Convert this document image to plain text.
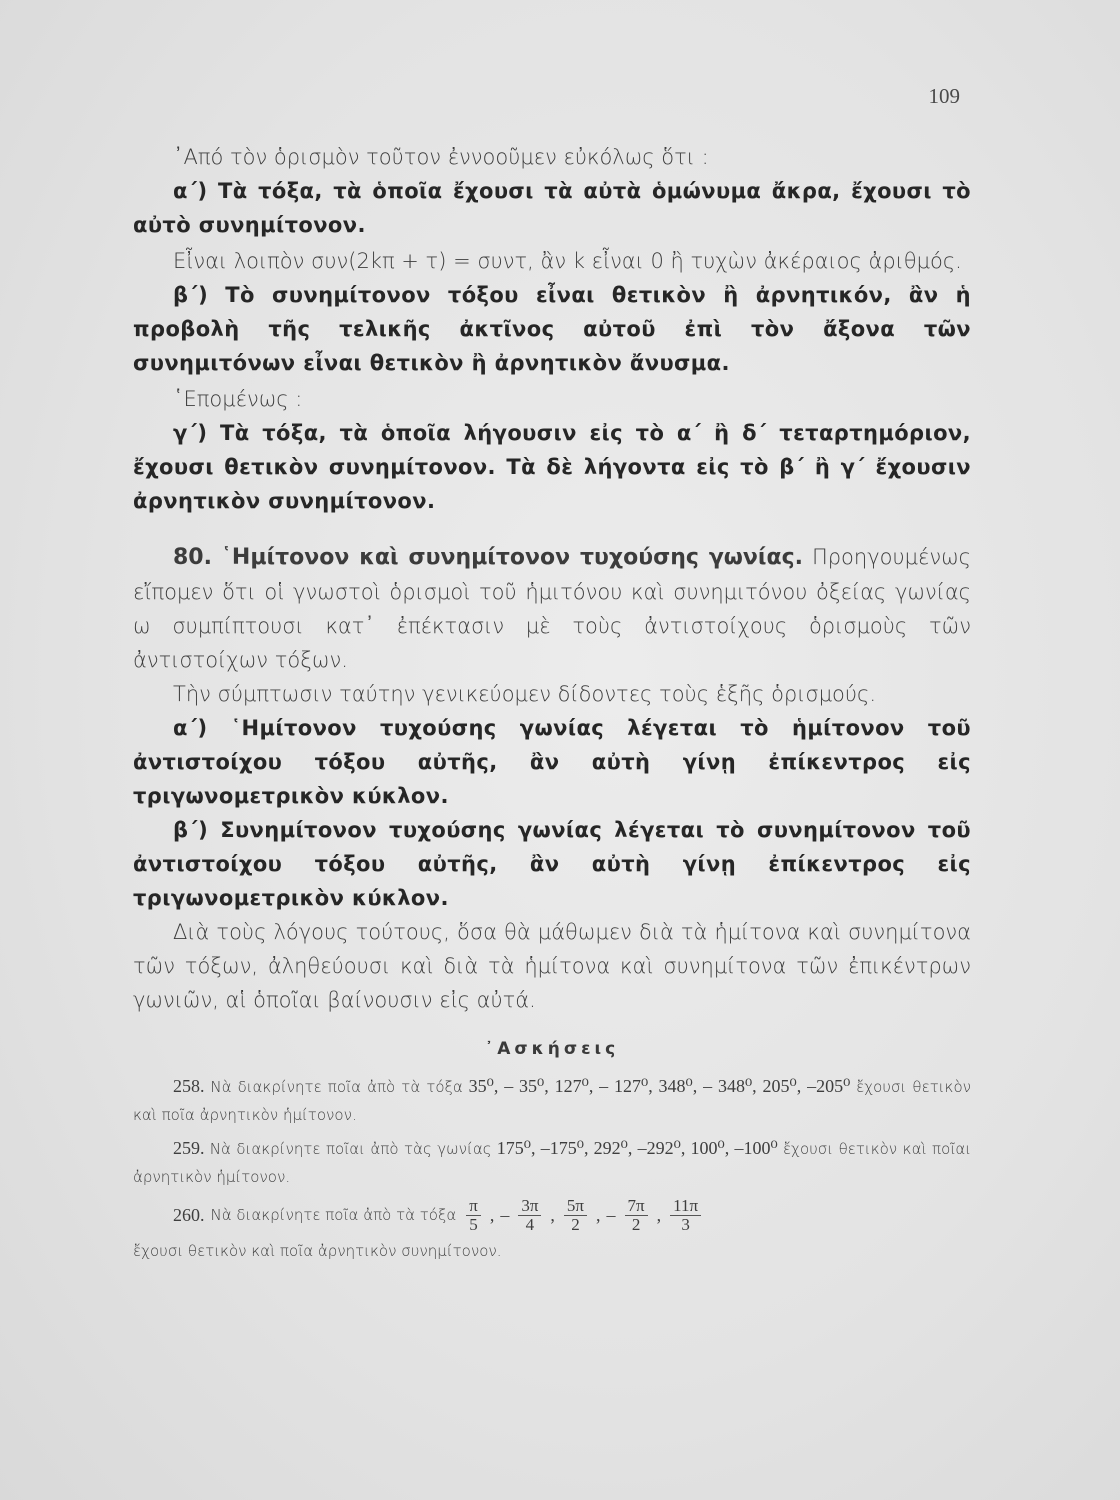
109

᾽Από τὸν ὁρισμὸν τοῦτον ἐννοοῦμεν εὐκόλως ὅτι :

α΄) Τὰ τόξα, τὰ ὁποῖα ἔχουσι τὰ αὐτὰ ὁμώνυμα ἄκρα, ἔχουσι τὸ αὐτὸ συνημίτονον.

Εἶναι λοιπὸν συν(2kπ + τ) = συντ, ἂν k εἶναι 0 ἢ τυχὼν ἀκέραιος ἀριθμός.

β΄) Τὸ συνημίτονον τόξου εἶναι θετικὸν ἢ ἀρνητικόν, ἂν ἡ προβολὴ τῆς τελικῆς ἀκτῖνος αὐτοῦ ἐπὶ τὸν ἄξονα τῶν συνημιτόνων εἶναι θετικὸν ἢ ἀρνητικὸν ἄνυσμα.

῾Επομένως :

γ΄) Τὰ τόξα, τὰ ὁποῖα λήγουσιν εἰς τὸ α΄ ἢ δ΄ τεταρτημόριον, ἔχουσι θετικὸν συνημίτονον. Τὰ δὲ λήγοντα εἰς τὸ β΄ ἢ γ΄ ἔχουσιν ἀρνητικὸν συνημίτονον.

80. ῾Ημίτονον καὶ συνημίτονον τυχούσης γωνίας. Προηγουμένως εἴπομεν ὅτι οἱ γνωστοὶ ὁρισμοὶ τοῦ ἡμιτόνου καὶ συνημιτόνου ὀξείας γωνίας ω συμπίπτουσι κατ᾽ ἐπέκτασιν μὲ τοὺς ἀντιστοίχους ὁρισμοὺς τῶν ἀντιστοίχων τόξων.

Τὴν σύμπτωσιν ταύτην γενικεύομεν δίδοντες τοὺς ἑξῆς ὁρισμούς.

α΄) ῾Ημίτονον τυχούσης γωνίας λέγεται τὸ ἡμίτονον τοῦ ἀντιστοίχου τόξου αὐτῆς, ἂν αὐτὴ γίνῃ ἐπίκεντρος εἰς τριγωνομετρικὸν κύκλον.

β΄) Συνημίτονον τυχούσης γωνίας λέγεται τὸ συνημίτονον τοῦ ἀντιστοίχου τόξου αὐτῆς, ἂν αὐτὴ γίνῃ ἐπίκεντρος εἰς τριγωνομετρικὸν κύκλον.

Διὰ τοὺς λόγους τούτους, ὅσα θὰ μάθωμεν διὰ τὰ ἡμίτονα καὶ συνημίτονα τῶν τόξων, ἀληθεύουσι καὶ διὰ τὰ ἡμίτονα καὶ συνημίτονα τῶν ἐπικέντρων γωνιῶν, αἱ ὁποῖαι βαίνουσιν εἰς αὐτά.

᾽Ασκήσεις
258. Νὰ διακρίνητε ποῖα ἀπὸ τὰ τόξα 35⁰, – 35⁰, 127⁰, – 127⁰, 348⁰, – 348⁰, 205⁰, –205⁰ ἔχουσι θετικὸν καὶ ποῖα ἀρνητικὸν ἡμίτονον.
259. Νὰ διακρίνητε ποῖαι ἀπὸ τὰς γωνίας 175⁰, –175⁰, 292⁰, –292⁰, 100⁰, –100⁰ ἔχουσι θετικὸν καὶ ποῖαι ἀρνητικὸν ἡμίτονον.
260. Νὰ διακρίνητε ποῖα ἀπὸ τὰ τόξα $\frac{\pi}{5}$ , – $\frac{3\pi}{4}$ , $\frac{5\pi}{2}$ , – $\frac{7\pi}{2}$ , $\frac{11\pi}{3}$
ἔχουσι θετικὸν καὶ ποῖα ἀρνητικὸν συνημίτονον.
